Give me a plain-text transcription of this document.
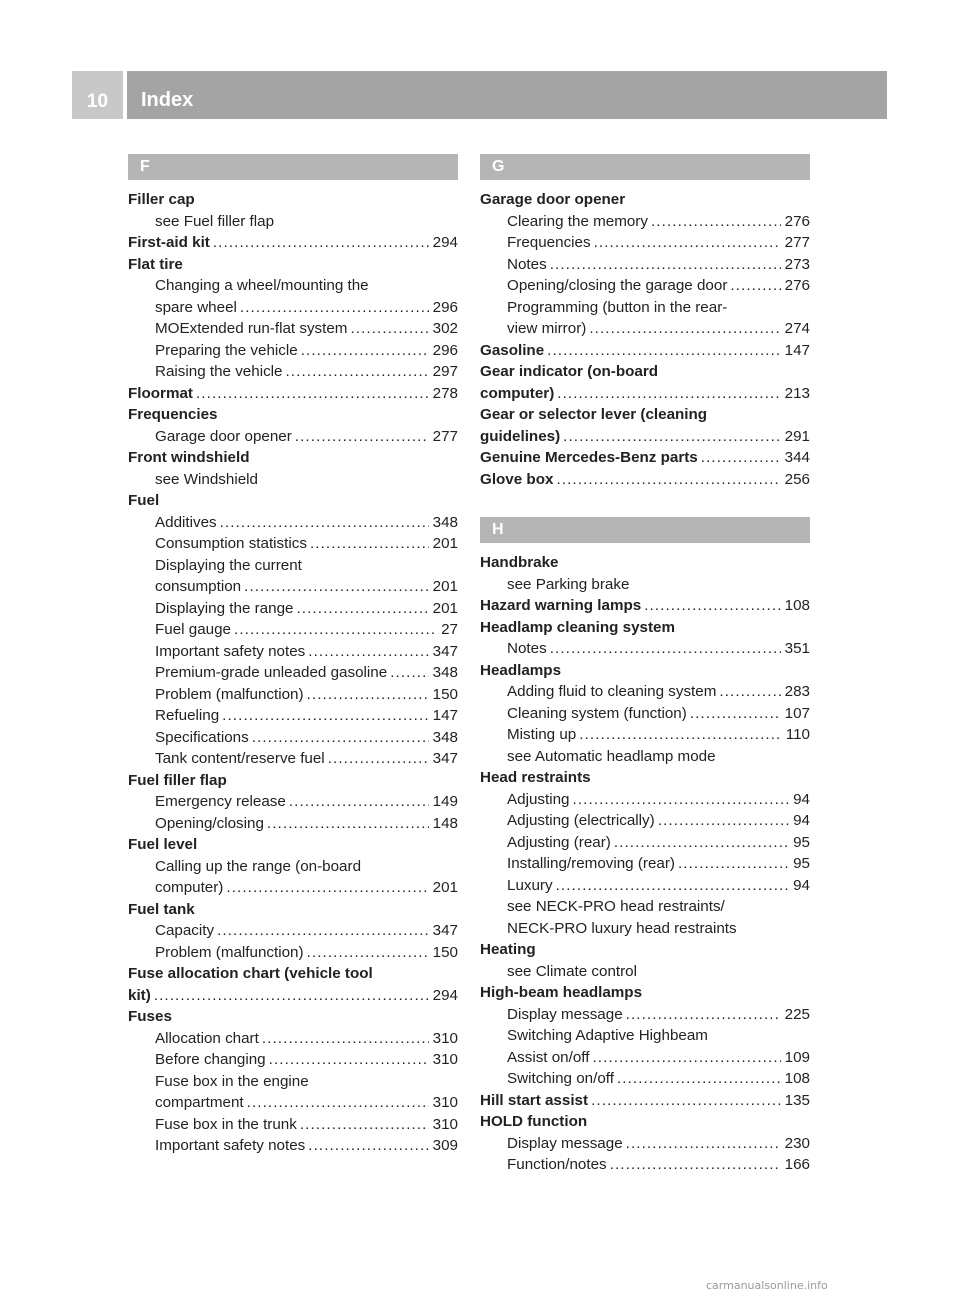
10	Index
F
Filler cap
see Fuel filler flap
First-aid kit .....	294
Flat tire
Changing a wheel/mounting the
spare wheel .....	296
MOExtended run-flat system .....	302
Preparing the vehicle .....	296
Raising the vehicle .....	297
Floormat .....	278
Frequencies
Garage door opener .....	277
Front windshield
see Windshield
Fuel
Additives .....	348
Consumption statistics .....	201
Displaying the current
consumption .....	201
Displaying the range .....	201
Fuel gauge .....	27
Important safety notes .....	347
Premium-grade unleaded gasoline .....	348
Problem (malfunction) .....	150
Refueling .....	147
Specifications .....	348
Tank content/reserve fuel .....	347
Fuel filler flap
Emergency release .....	149
Opening/closing .....	148
Fuel level
Calling up the range (on-board
computer) .....	201
Fuel tank
Capacity .....	347
Problem (malfunction) .....	150
Fuse allocation chart (vehicle tool
kit) .....	294
Fuses
Allocation chart .....	310
Before changing .....	310
Fuse box in the engine
compartment .....	310
Fuse box in the trunk .....	310
Important safety notes .....	309
G
Garage door opener
Clearing the memory .....	276
Frequencies .....	277
Notes .....	273
Opening/closing the garage door .....	276
Programming (button in the rear-
view mirror) .....	274
Gasoline .....	147
Gear indicator (on-board
computer) .....	213
Gear or selector lever (cleaning
guidelines) .....	291
Genuine Mercedes-Benz parts .....	344
Glove box .....	256
H
Handbrake
see Parking brake
Hazard warning lamps .....	108
Headlamp cleaning system
Notes .....	351
Headlamps
Adding fluid to cleaning system .....	283
Cleaning system (function) .....	107
Misting up .....	110
see Automatic headlamp mode
Head restraints
Adjusting .....	94
Adjusting (electrically) .....	94
Adjusting (rear) .....	95
Installing/removing (rear) .....	95
Luxury .....	94
see NECK-PRO head restraints/
NECK-PRO luxury head restraints
Heating
see Climate control
High-beam headlamps
Display message .....	225
Switching Adaptive Highbeam
Assist on/off .....	109
Switching on/off .....	108
Hill start assist .....	135
HOLD function
Display message .....	230
Function/notes .....	166
carmanualsonline.info
